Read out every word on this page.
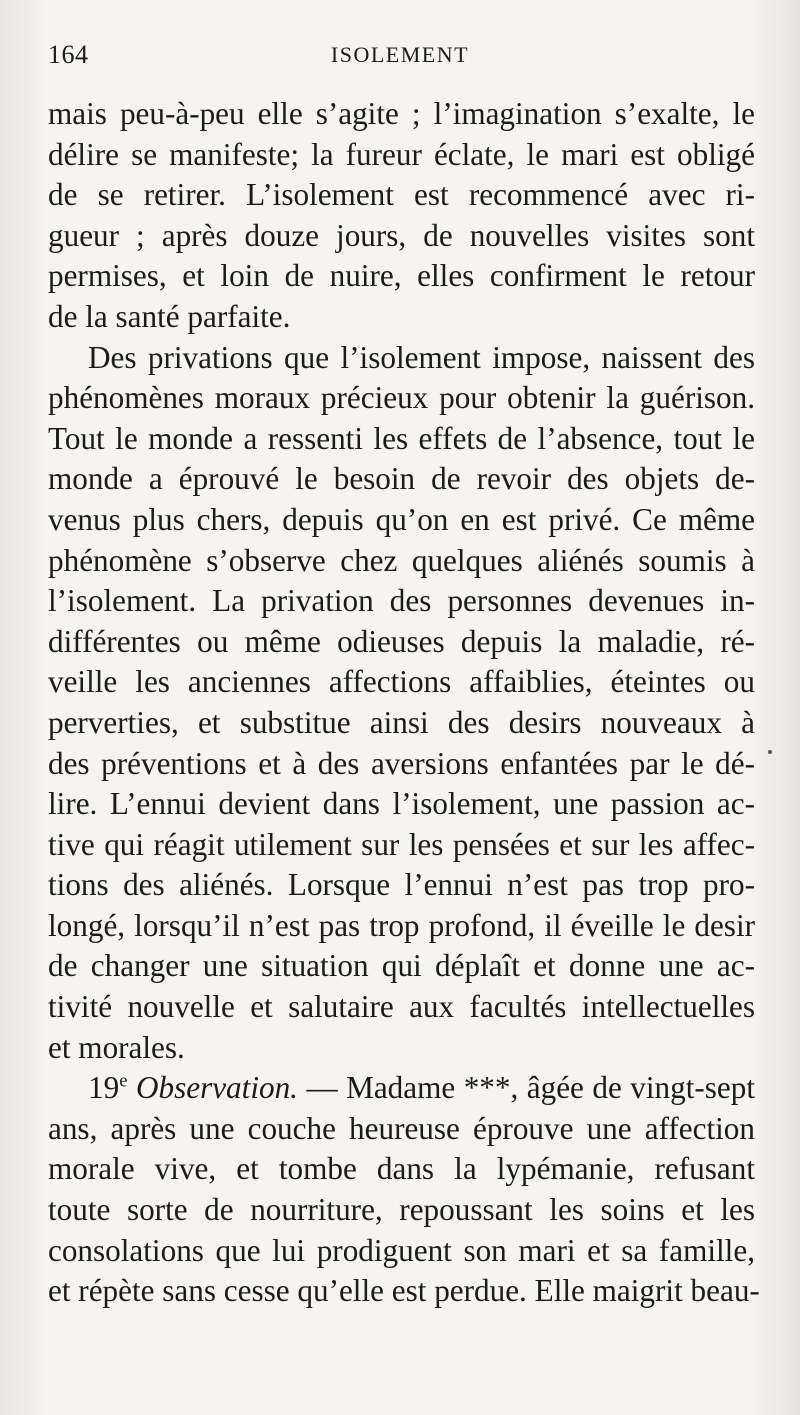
164	ISOLEMENT

mais peu-à-peu elle s’agite ; l’imagination s’exalte, le
délire se manifeste; la fureur éclate, le mari est obligé
de se retirer. L’isolement est recommencé avec ri-
gueur ; après douze jours, de nouvelles visites sont
permises, et loin de nuire, elles confirment le retour
de la santé parfaite.

Des privations que l’isolement impose, naissent des
phénomènes moraux précieux pour obtenir la guérison.
Tout le monde a ressenti les effets de l’absence, tout le
monde a éprouvé le besoin de revoir des objets de-
venus plus chers, depuis qu’on en est privé. Ce même
phénomène s’observe chez quelques aliénés soumis à
l’isolement. La privation des personnes devenues in-
différentes ou même odieuses depuis la maladie, ré-
veille les anciennes affections affaiblies, éteintes ou
perverties, et substitue ainsi des desirs nouveaux à
des préventions et à des aversions enfantées par le dé-
lire. L’ennui devient dans l’isolement, une passion ac-
tive qui réagit utilement sur les pensées et sur les affec-
tions des aliénés. Lorsque l’ennui n’est pas trop pro-
longé, lorsqu’il n’est pas trop profond, il éveille le desir
de changer une situation qui déplaît et donne une ac-
tivité nouvelle et salutaire aux facultés intellectuelles
et morales.

19e Observation. — Madame ***, âgée de vingt-sept
ans, après une couche heureuse éprouve une affection
morale vive, et tombe dans la lypémanie, refusant
toute sorte de nourriture, repoussant les soins et les
consolations que lui prodiguent son mari et sa famille,
et répète sans cesse qu’elle est perdue. Elle maigrit beau-
